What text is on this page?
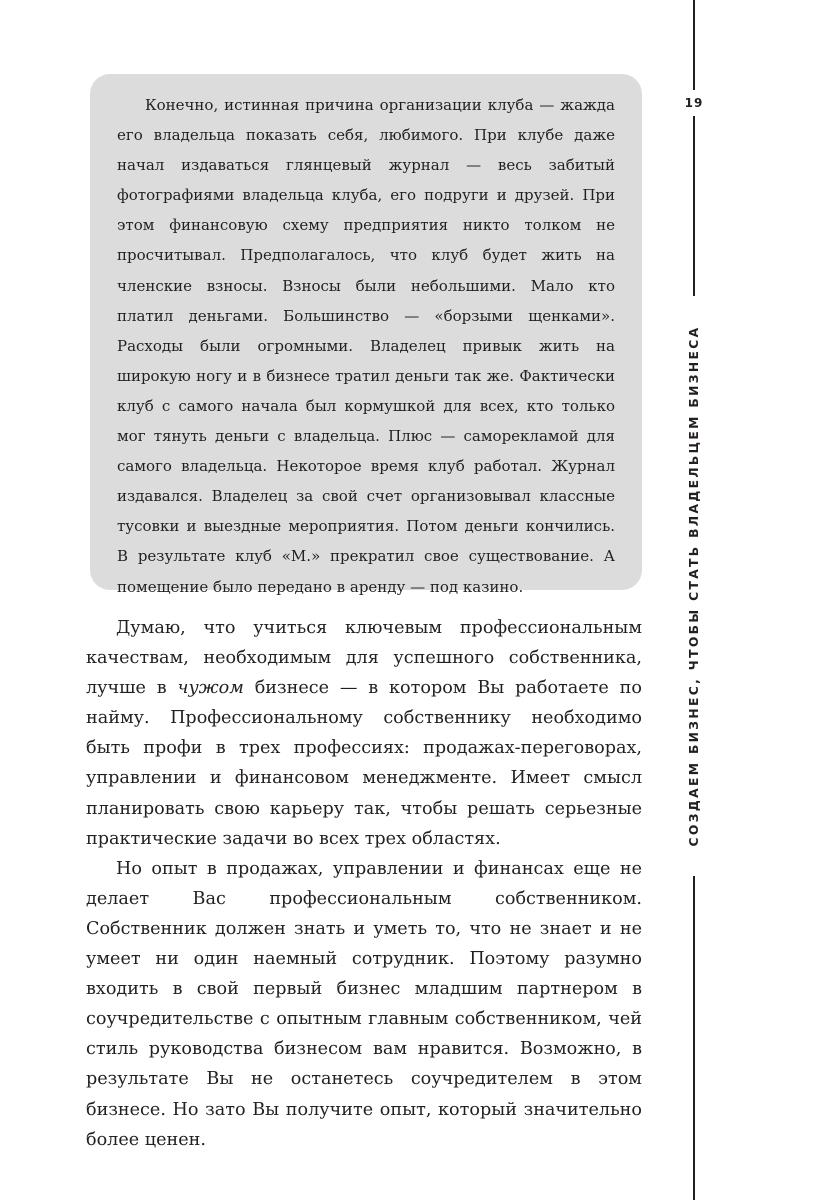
Конечно, истинная причина организации клуба — жажда его владельца показать себя, любимого. При клубе даже начал издаваться глянцевый журнал — весь забитый фотографиями владельца клуба, его подруги и друзей. При этом финансовую схему предприятия никто толком не просчитывал. Предполагалось, что клуб будет жить на членские взносы. Взносы были небольшими. Мало кто платил деньгами. Большинство — «борзыми щенками». Расходы были огромными. Владелец привык жить на широкую ногу и в бизнесе тратил деньги так же. Фактически клуб с самого начала был кормушкой для всех, кто только мог тянуть деньги с владельца. Плюс — саморекламой для самого владельца. Некоторое время клуб работал. Журнал издавался. Владелец за свой счет организовывал классные тусовки и выездные мероприятия. Потом деньги кончились. В результате клуб «М.» прекратил свое существование. А помещение было передано в аренду — под казино.

Думаю, что учиться ключевым профессиональным качествам, необходимым для успешного собственника, лучше в чужом бизнесе — в котором Вы работаете по найму. Профессиональному собственнику необходимо быть профи в трех профессиях: продажах-переговорах, управлении и финансовом менеджменте. Имеет смысл планировать свою карьеру так, чтобы решать серьезные практические задачи во всех трех областях.

Но опыт в продажах, управлении и финансах еще не делает Вас профессиональным собственником. Собственник должен знать и уметь то, что не знает и не умеет ни один наемный сотрудник. Поэтому разумно входить в свой первый бизнес младшим партнером в соучредительстве с опытным главным собственником, чей стиль руководства бизнесом вам нравится. Возможно, в результате Вы не останетесь соучредителем в этом бизнесе. Но зато Вы получите опыт, который значительно более ценен.

19
СОЗДАЕМ БИЗНЕС, ЧТОБЫ СТАТЬ ВЛАДЕЛЬЦЕМ БИЗНЕСА
